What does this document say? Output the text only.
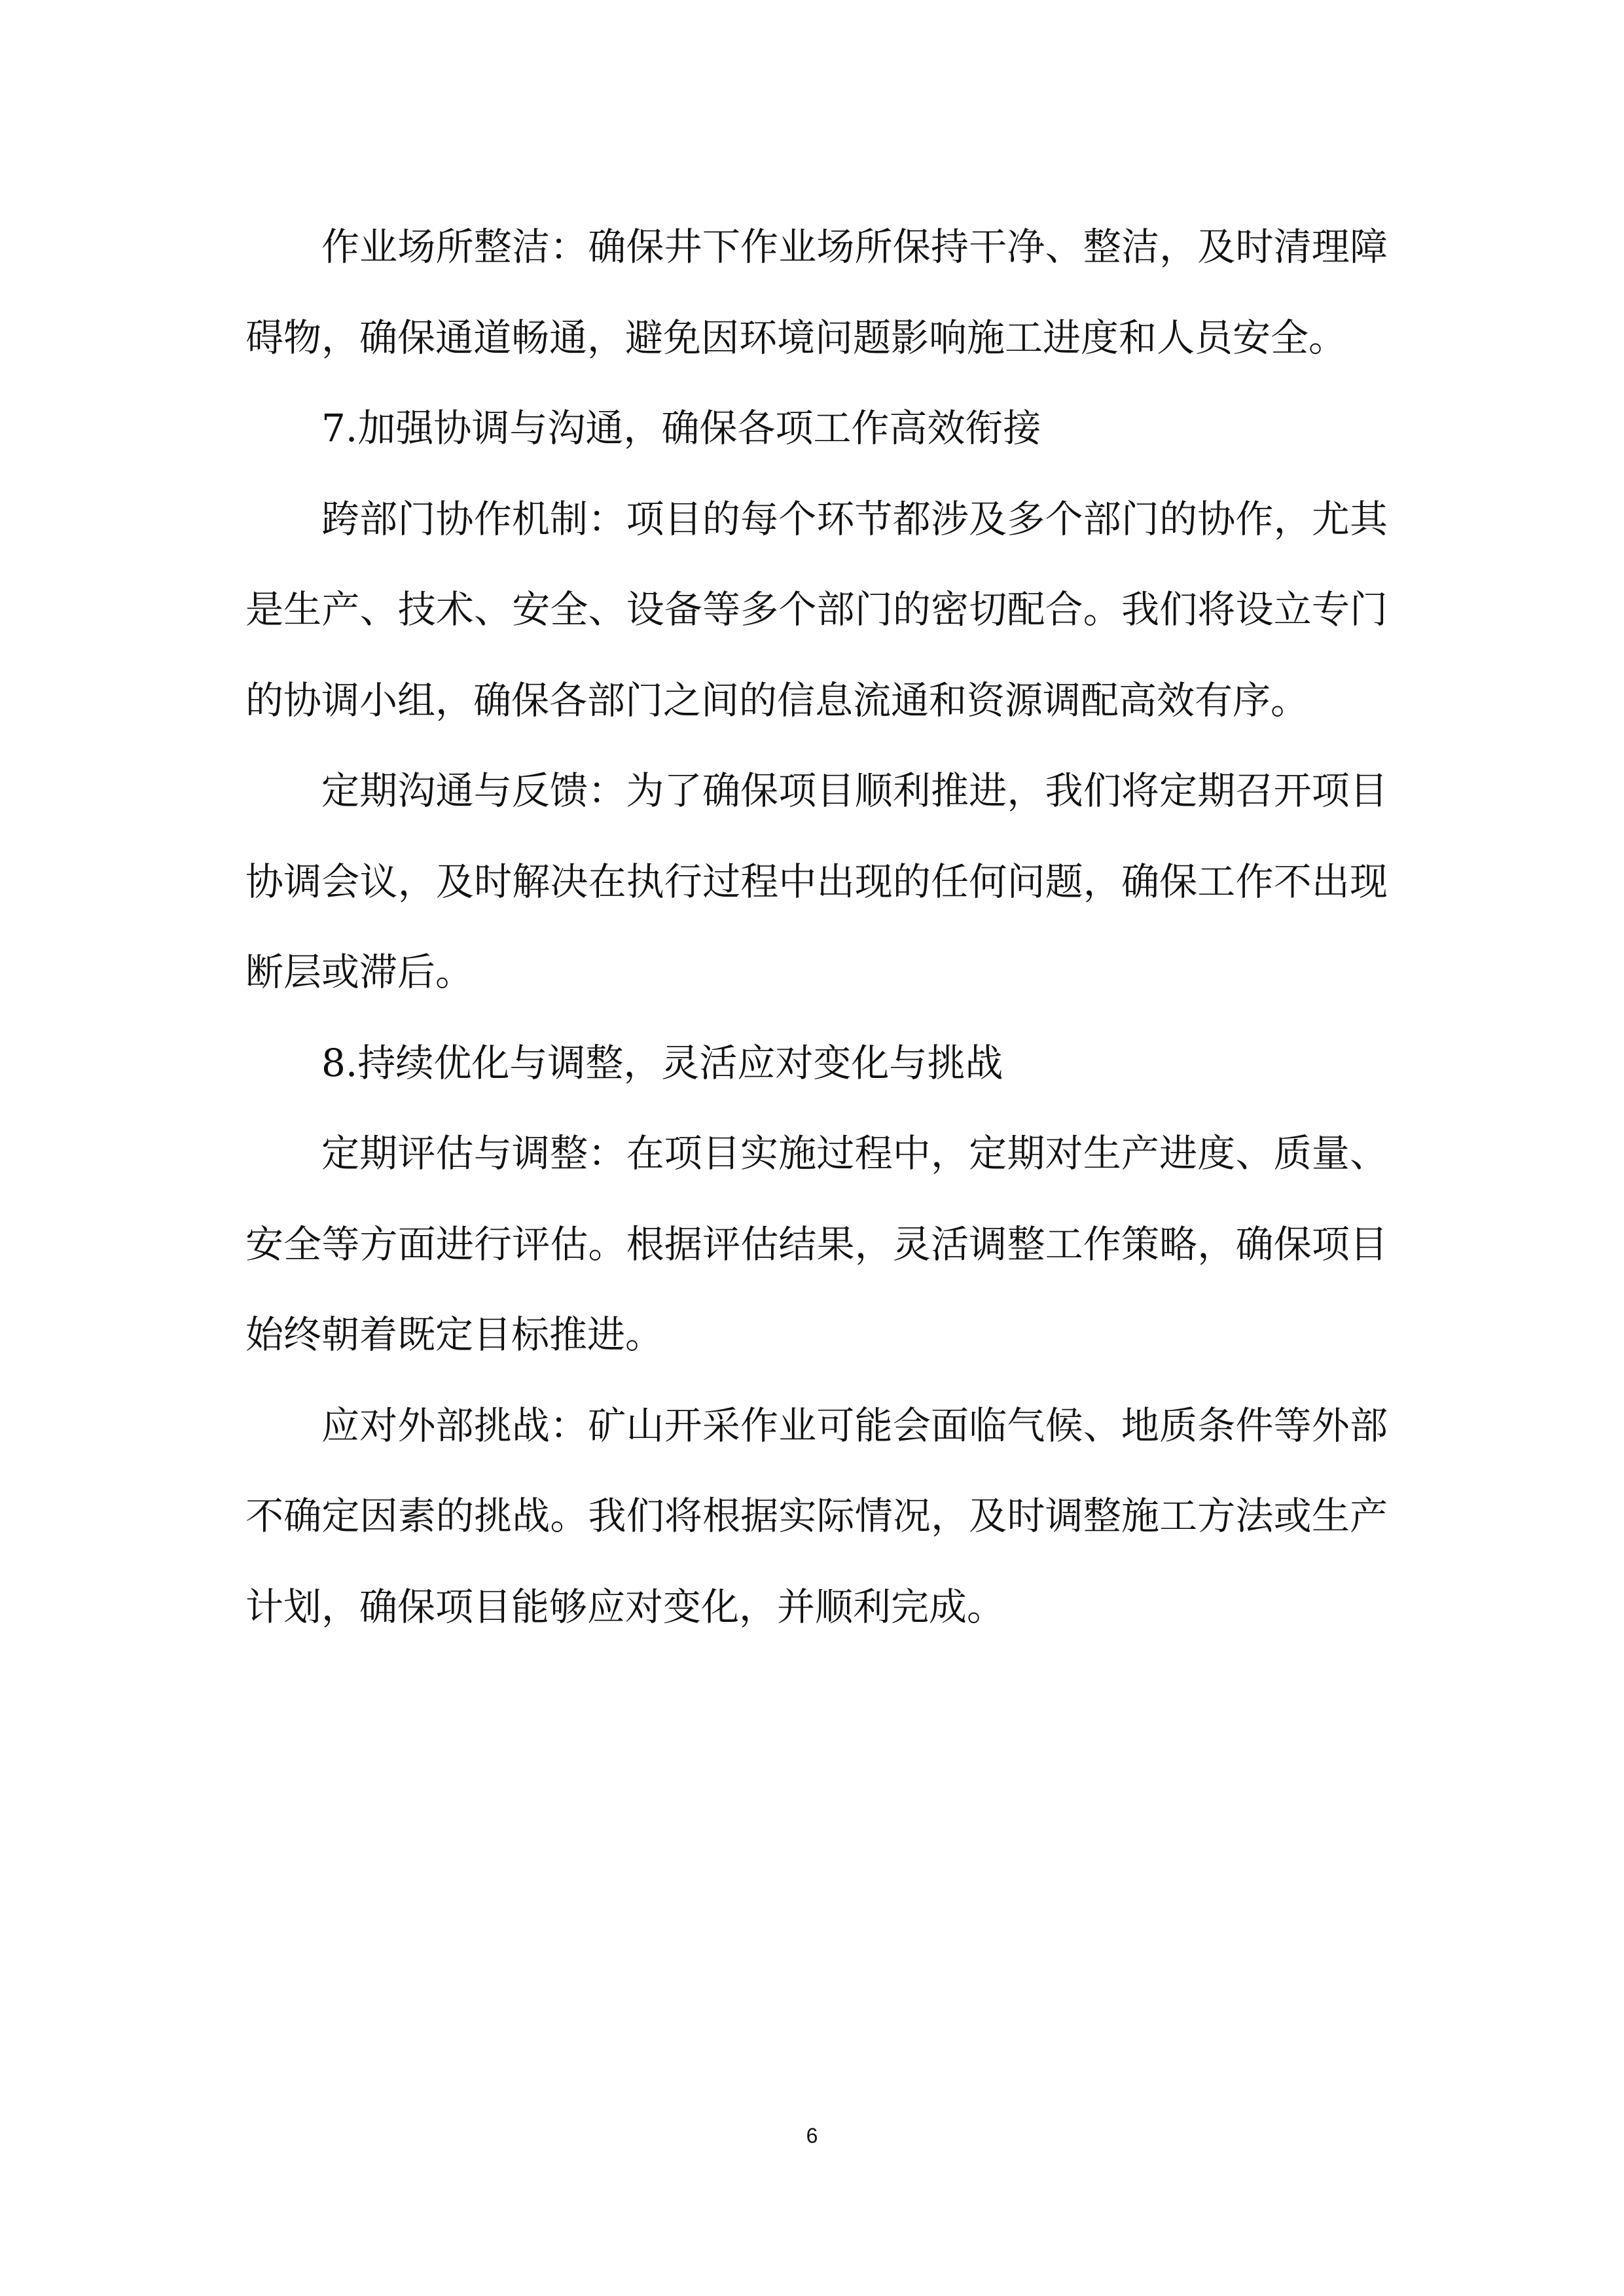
作业场所整洁：确保井下作业场所保持干净、整洁，及时清理障碍物，确保通道畅通，避免因环境问题影响施工进度和人员安全。

7.加强协调与沟通，确保各项工作高效衔接

跨部门协作机制：项目的每个环节都涉及多个部门的协作，尤其是生产、技术、安全、设备等多个部门的密切配合。我们将设立专门的协调小组，确保各部门之间的信息流通和资源调配高效有序。

定期沟通与反馈：为了确保项目顺利推进，我们将定期召开项目协调会议，及时解决在执行过程中出现的任何问题，确保工作不出现断层或滞后。

8.持续优化与调整，灵活应对变化与挑战

定期评估与调整：在项目实施过程中，定期对生产进度、质量、安全等方面进行评估。根据评估结果，灵活调整工作策略，确保项目始终朝着既定目标推进。

应对外部挑战：矿山开采作业可能会面临气候、地质条件等外部不确定因素的挑战。我们将根据实际情况，及时调整施工方法或生产计划，确保项目能够应对变化，并顺利完成。

6
